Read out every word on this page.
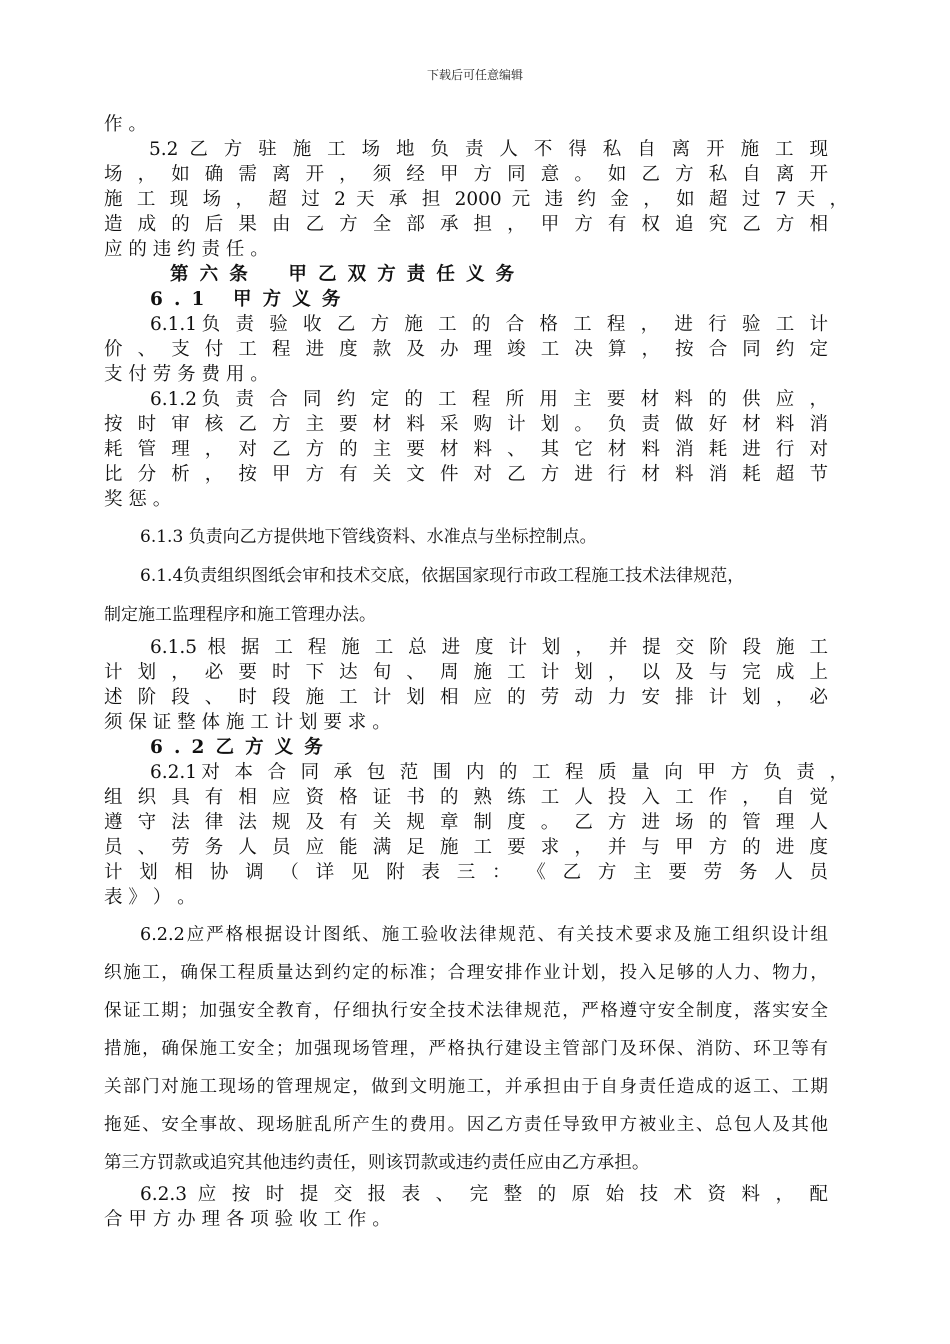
下载后可任意编辑

作 。

5.2 乙 方 驻 施 工 场 地 负 责 人 不 得 私 自 离 开 施 工 现

场 ， 如 确 需 离 开 ， 须 经 甲 方 同 意 。 如 乙 方 私 自 离 开

施 工 现 场 ， 超 过 2 天 承 担 2000 元 违 约 金 ， 如 超 过 7 天 ，

造 成 的 后 果 由 乙 方 全 部 承 担 ， 甲 方 有 权 追 究 乙 方 相

应 的 违 约 责 任 。

第六条　甲乙双方责任义务

6.1 甲方义务

6.1.1负 责 验 收 乙 方 施 工 的 合 格 工 程 ， 进 行 验 工 计

价 、 支 付 工 程 进 度 款 及 办 理 竣 工 决 算 ， 按 合 同 约 定

支 付 劳 务 费 用 。

6.1.2负 责 合 同 约 定 的 工 程 所 用 主 要 材 料 的 供 应 ，

按 时 审 核 乙 方 主 要 材 料 采 购 计 划 。 负 责 做 好 材 料 消

耗 管 理 ， 对 乙 方 的 主 要 材 料 、 其 它 材 料 消 耗 进 行 对

比 分 析 ， 按 甲 方 有 关 文 件 对 乙 方 进 行 材 料 消 耗 超 节

奖 惩 。

6.1.3 负责向乙方提供地下管线资料、水准点与坐标控制点。

6.1.4负责组织图纸会审和技术交底，依据国家现行市政工程施工技术法律规范，

制定施工监理程序和施工管理办法。

6.1.5 根 据 工 程 施 工 总 进 度 计 划 ， 并 提 交 阶 段 施 工

计 划 ， 必 要 时 下 达 旬 、 周 施 工 计 划 ， 以 及 与 完 成 上

述 阶 段 、 时 段 施 工 计 划 相 应 的 劳 动 力 安 排 计 划 ， 必

须 保 证 整 体 施 工 计 划 要 求 。

6.2乙方义务

6.2.1对 本 合 同 承 包 范 围 内 的 工 程 质 量 向 甲 方 负 责 ，

组 织 具 有 相 应 资 格 证 书 的 熟 练 工 人 投 入 工 作 ， 自 觉

遵 守 法 律 法 规 及 有 关 规 章 制 度 。 乙 方 进 场 的 管 理 人

员 、 劳 务 人 员 应 能 满 足 施 工 要 求 ， 并 与 甲 方 的 进 度

计 划 相 协 调 （ 详 见 附 表 三 ： 《 乙 方 主 要 劳 务 人 员

表 》 ） 。

6.2.2应严格根据设计图纸、施工验收法律规范、有关技术要求及施工组织设计组

织施工，确保工程质量达到约定的标准；合理安排作业计划，投入足够的人力、物力，

保证工期；加强安全教育，仔细执行安全技术法律规范，严格遵守安全制度，落实安全

措施，确保施工安全；加强现场管理，严格执行建设主管部门及环保、消防、环卫等有

关部门对施工现场的管理规定，做到文明施工，并承担由于自身责任造成的返工、工期

拖延、安全事故、现场脏乱所产生的费用。因乙方责任导致甲方被业主、总包人及其他

第三方罚款或追究其他违约责任，则该罚款或违约责任应由乙方承担。

6.2.3 应 按 时 提 交 报 表 、 完 整 的 原 始 技 术 资 料 ， 配

合 甲 方 办 理 各 项 验 收 工 作 。
